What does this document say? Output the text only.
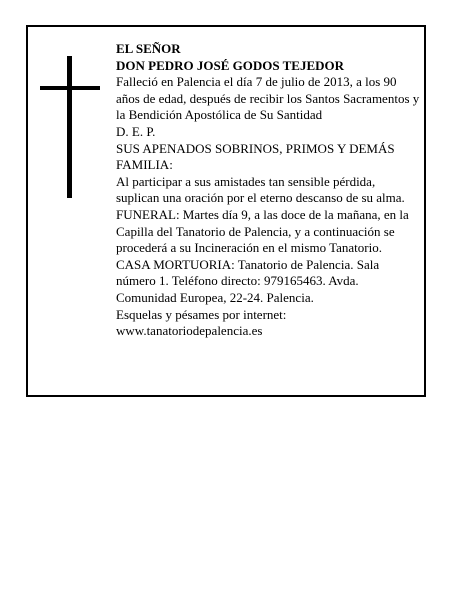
EL SEÑOR

DON PEDRO JOSÉ GODOS TEJEDOR

Falleció en Palencia el día 7 de julio de 2013, a los 90 años de edad, después de recibir los Santos Sacramentos y la Bendición Apostólica de Su Santidad

D. E. P.

SUS APENADOS SOBRINOS, PRIMOS Y DEMÁS FAMILIA:

Al participar a sus amistades tan sensible pérdida, suplican una oración por el eterno descanso de su alma.

FUNERAL: Martes día 9, a las doce de la mañana, en la Capilla del Tanatorio de Palencia, y a continuación se procederá a su Incineración en el mismo Tanatorio.

CASA MORTUORIA: Tanatorio de Palencia. Sala número 1. Teléfono directo: 979165463. Avda. Comunidad Europea, 22-24. Palencia.

Esquelas y pésames por internet: www.tanatoriodepalencia.es
